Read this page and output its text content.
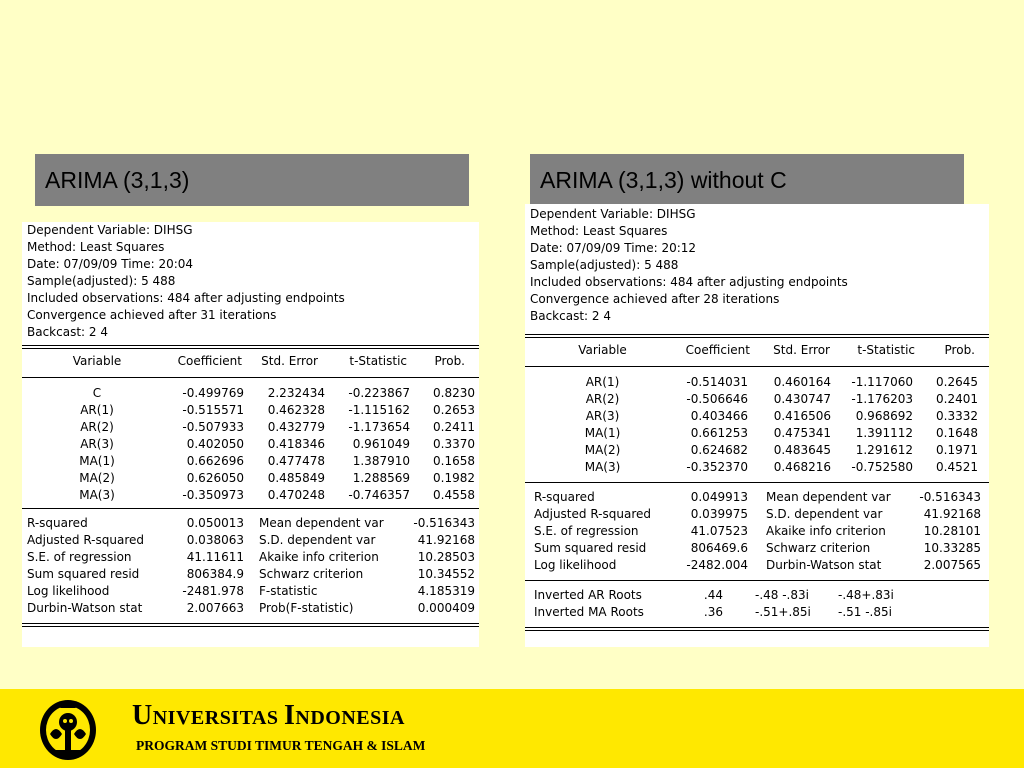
ARIMA (3,1,3)
Dependent Variable: DIHSG
Method: Least Squares
Date: 07/09/09 Time: 20:04
Sample(adjusted): 5 488
Included observations: 484 after adjusting endpoints
Convergence achieved after 31 iterations
Backcast: 2 4
Variable	Coefficient	Std. Error	t-Statistic	Prob.
C	-0.499769	2.232434	-0.223867	0.8230
AR(1)	-0.515571	0.462328	-1.115162	0.2653
AR(2)	-0.507933	0.432779	-1.173654	0.2411
AR(3)	0.402050	0.418346	0.961049	0.3370
MA(1)	0.662696	0.477478	1.387910	0.1658
MA(2)	0.626050	0.485849	1.288569	0.1982
MA(3)	-0.350973	0.470248	-0.746357	0.4558
R-squared	0.050013 Mean dependent var	-0.516343
Adjusted R-squared	0.038063 S.D. dependent var	41.92168
S.E. of regression	41.11611 Akaike info criterion	10.28503
Sum squared resid	806384.9 Schwarz criterion	10.34552
Log likelihood	-2481.978 F-statistic	4.185319
Durbin-Watson stat	2.007663 Prob(F-statistic)	0.000409
ARIMA (3,1,3) without C
Dependent Variable: DIHSG
Method: Least Squares
Date: 07/09/09 Time: 20:12
Sample(adjusted): 5 488
Included observations: 484 after adjusting endpoints
Convergence achieved after 28 iterations
Backcast: 2 4
Variable	Coefficient	Std. Error	t-Statistic	Prob.
AR(1)	-0.514031	0.460164	-1.117060	0.2645
AR(2)	-0.506646	0.430747	-1.176203	0.2401
AR(3)	0.403466	0.416506	0.968692	0.3332
MA(1)	0.661253	0.475341	1.391112	0.1648
MA(2)	0.624682	0.483645	1.291612	0.1971
MA(3)	-0.352370	0.468216	-0.752580	0.4521
R-squared	0.049913 Mean dependent var	-0.516343
Adjusted R-squared	0.039975 S.D. dependent var	41.92168
S.E. of regression	41.07523 Akaike info criterion	10.28101
Sum squared resid	806469.6 Schwarz criterion	10.33285
Log likelihood	-2482.004 Durbin-Watson stat	2.007565
Inverted AR Roots	.44	-.48 -.83i	-.48+.83i
Inverted MA Roots	.36	-.51+.85i	-.51 -.85i
UNIVERSITAS INDONESIA
PROGRAM STUDI TIMUR TENGAH & ISLAM
